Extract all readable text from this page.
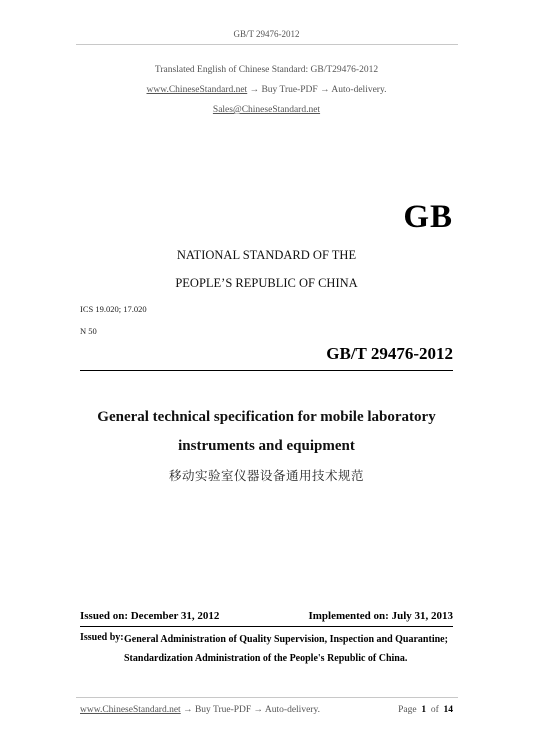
GB/T 29476-2012
Translated English of Chinese Standard: GB/T29476-2012
www.ChineseStandard.net → Buy True-PDF → Auto-delivery.
Sales@ChineseStandard.net
GB
NATIONAL STANDARD OF THE
PEOPLE’S REPUBLIC OF CHINA
ICS 19.020; 17.020
N 50
GB/T 29476-2012
General technical specification for mobile laboratory
instruments and equipment
移动实验室仪器设备通用技术规范
Issued on: December 31, 2012	Implemented on: July 31, 2013
Issued by: General Administration of Quality Supervision, Inspection and Quarantine;
Standardization Administration of the People's Republic of China.
www.ChineseStandard.net → Buy True-PDF → Auto-delivery.	Page 1 of 14
